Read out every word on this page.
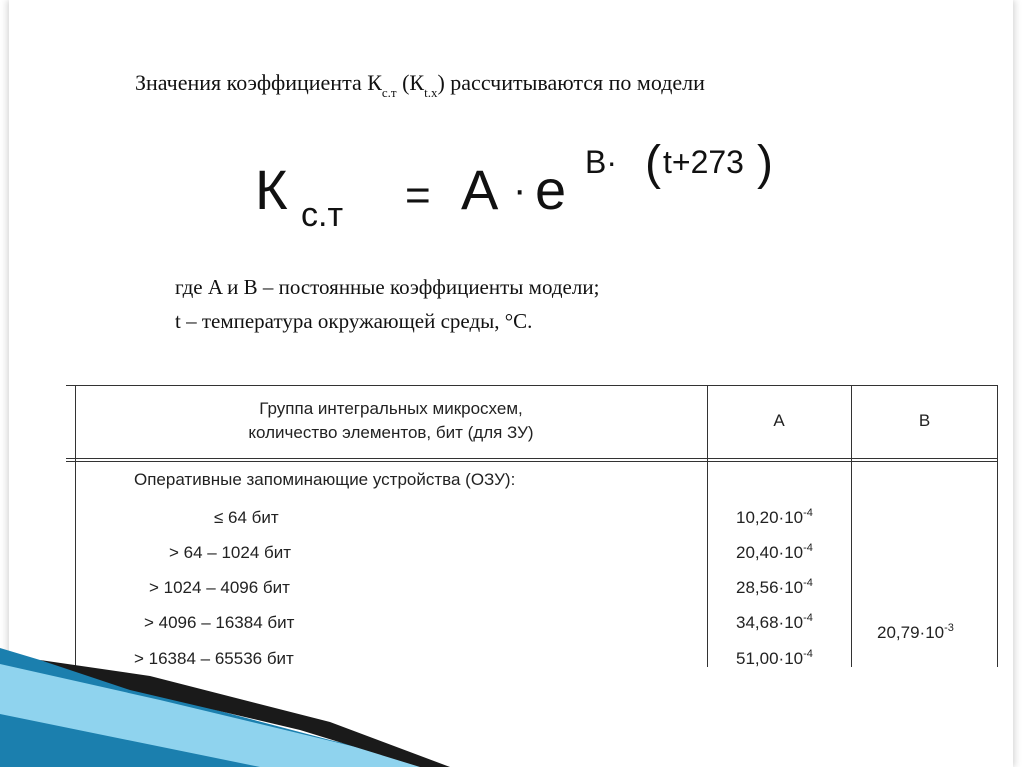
Значения коэффициента $К_{с.т}$ $(К_{t.x})$ рассчитываются по модели
К с.т = A · e B· ( t+273 )
где A и B – постоянные коэффициенты модели;
t – температура окружающей среды, °С.
Группа интегральных микросхем,
количество элементов, бит (для ЗУ)
A	B
Оперативные запоминающие устройства (ОЗУ):
≤ 64 бит
> 64 – 1024 бит
> 1024 – 4096 бит
> 4096 – 16384 бит
> 16384 – 65536 бит
$10,20\cdot 10^{-4}$
$20,40\cdot 10^{-4}$
$28,56\cdot 10^{-4}$
$34,68\cdot 10^{-4}$
$51,00\cdot 10^{-4}$
$20,79\cdot 10^{-3}$
